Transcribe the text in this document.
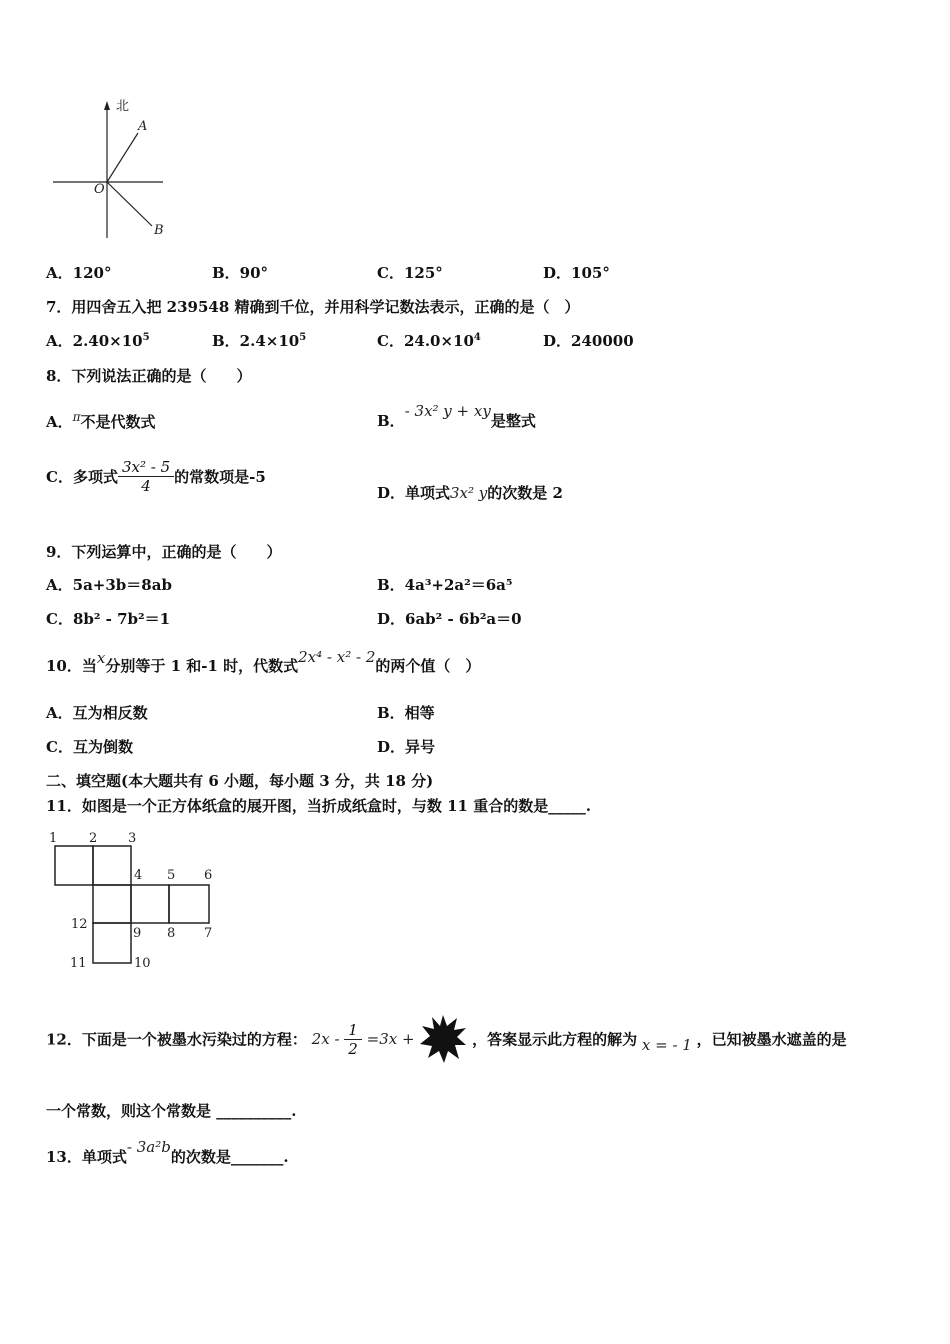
北
A
B
O
A．120°	B．90°	C．125°	D．105°
7．用四舍五入把 239548 精确到千位，并用科学记数法表示，正确的是（　）
A．$2.40\times 10^5$	B．$2.4\times 10^5$	C．$24.0\times 10^4$	D．240000
8．下列说法正确的是（　　）
A．$^\pi$不是代数式	B．- 3x² y + xy是整式
C．多项式 $\frac{\text{3x² - 5}}{4}$ 的常数项是-5
D．单项式3x² y的次数是 2
9．下列运算中，正确的是（　　）
A．5a+3b＝8ab	B．4a³+2a²＝6a⁵
C．8b² - 7b²＝1	D．6ab² - 6b²a＝0
10．当x分别等于 1 和-1 时，代数式2x⁴ - x² - 2的两个值（　）
A．互为相反数	B．相等
C．互为倒数	D．异号
二、填空题(本大题共有 6 小题，每小题 3 分，共 18 分)
11．如图是一个正方体纸盒的展开图，当折成纸盒时，与数 11 重合的数是_____.
1 2 3
4 5 6
7
8
9
10
11
12
12．下面是一个被墨水污染过的方程： $2x - \frac{1}{2} =3x$ +	，答案显示此方程的解为 x = - 1 ，已知被墨水遮盖的是
一个常数，则这个常数是 __________.
13．单项式- 3a²b的次数是_______.
